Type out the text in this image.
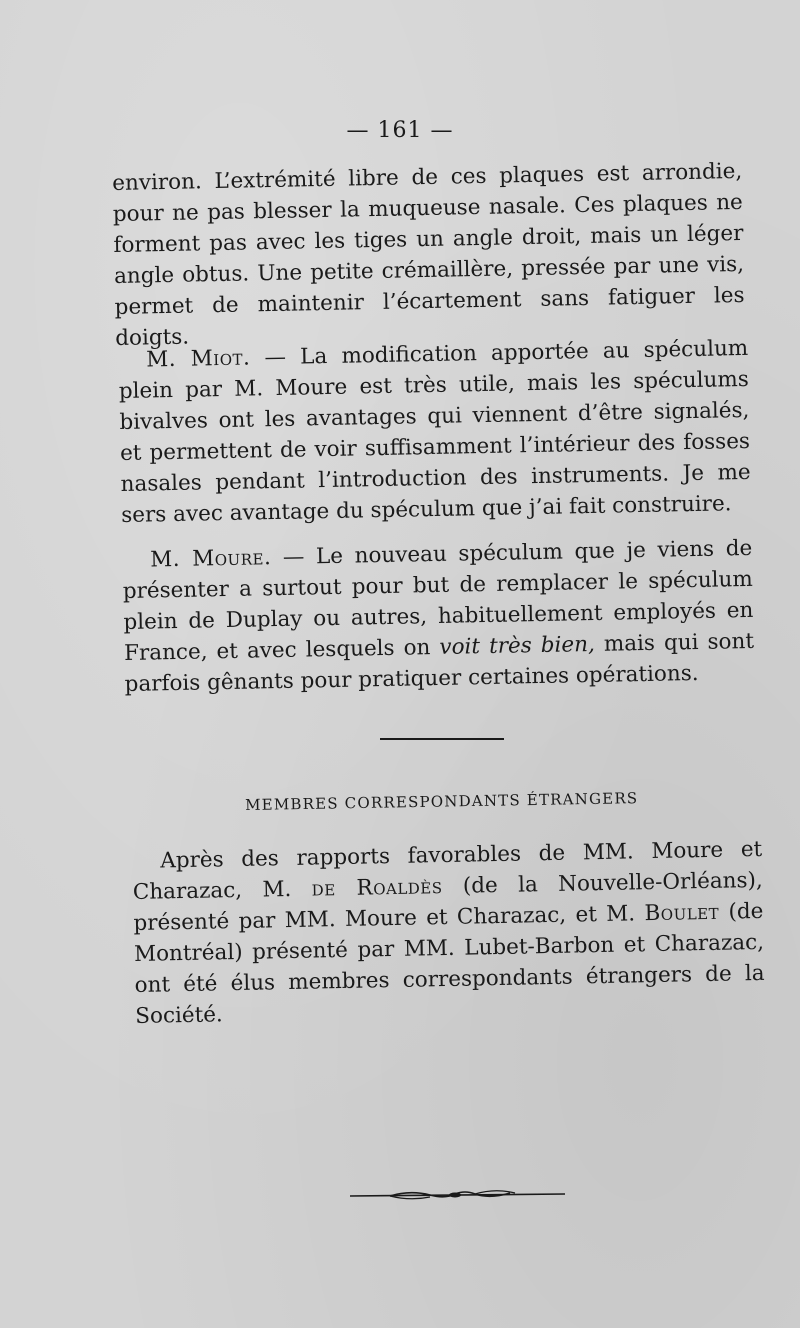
— 161 —

environ. L’extrémité libre de ces plaques est arrondie, pour ne pas blesser la muqueuse nasale. Ces plaques ne forment pas avec les tiges un angle droit, mais un léger angle obtus. Une petite crémaillère, pressée par une vis, permet de maintenir l’écartement sans fatiguer les doigts.

M. Miot. — La modification apportée au spéculum plein par M. Moure est très utile, mais les spéculums bivalves ont les avantages qui viennent d’être signalés, et permettent de voir suffisamment l’intérieur des fosses nasales pendant l’introduction des instruments. Je me sers avec avantage du spéculum que j’ai fait construire.

M. Moure. — Le nouveau spéculum que je viens de présenter a surtout pour but de remplacer le spéculum plein de Duplay ou autres, habituellement employés en France, et avec lesquels on voit très bien, mais qui sont parfois gênants pour pratiquer certaines opérations.

MEMBRES CORRESPONDANTS ÉTRANGERS

Après des rapports favorables de MM. Moure et Charazac, M. de Roaldès (de la Nouvelle-Orléans), présenté par MM. Moure et Charazac, et M. Boulet (de Montréal) présenté par MM. Lubet-Barbon et Charazac, ont été élus membres correspondants étrangers de la Société.
